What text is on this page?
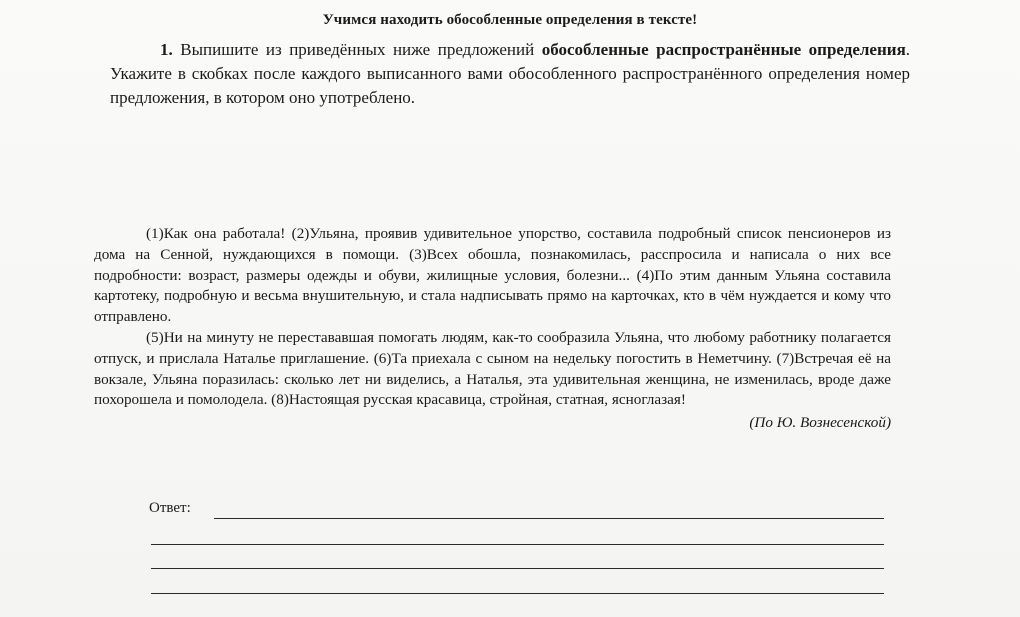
Учимся находить обособленные определения в тексте!
1. Выпишите из приведённых ниже предложений обособленные распространённые определения. Укажите в скобках после каждого выписанного вами обособленного распространённого определения номер предложения, в котором оно употреблено.

(1)Как она работала! (2)Ульяна, проявив удивительное упорство, составила подробный список пенсионеров из дома на Сенной, нуждающихся в помощи. (3)Всех обошла, познакомилась, расспросила и написала о них все подробности: возраст, размеры одежды и обуви, жилищные условия, болезни... (4)По этим данным Ульяна составила картотеку, подробную и весьма внушительную, и стала надписывать прямо на карточках, кто в чём нуждается и кому что отправлено.

(5)Ни на минуту не перестававшая помогать людям, как-то сообразила Ульяна, что любому работнику полагается отпуск, и прислала Наталье приглашение. (6)Та приехала с сыном на недельку погостить в Неметчину. (7)Встречая её на вокзале, Ульяна поразилась: сколько лет ни виделись, а Наталья, эта удивительная женщина, не изменилась, вроде даже похорошела и помолодела. (8)Настоящая русская красавица, стройная, статная, ясноглазая!

(По Ю. Вознесенской)
Ответ:
